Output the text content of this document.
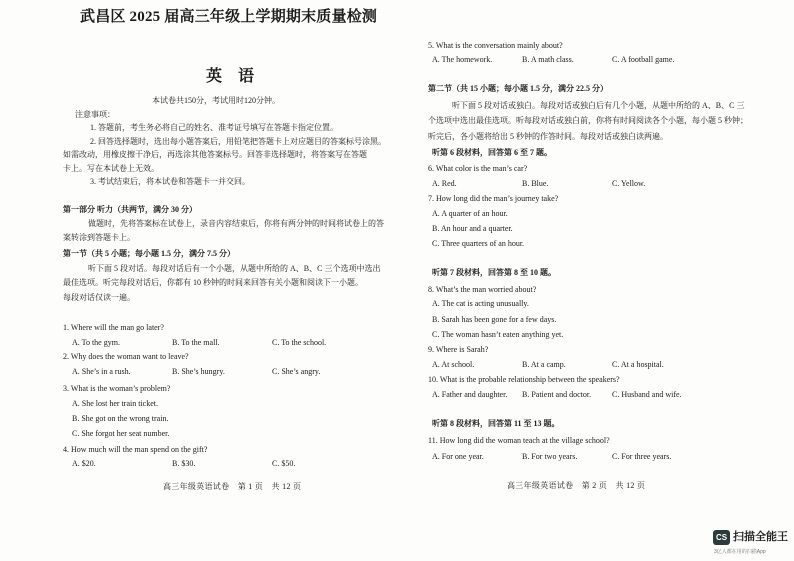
武昌区 2025 届高三年级上学期期末质量检测
英　语
本试卷共150分，考试用时120分钟。
注意事项：
1. 答题前，考生务必将自己的姓名、准考证号填写在答题卡指定位置。
2. 回答选择题时，选出每小题答案后，用铅笔把答题卡上对应题目的答案标号涂黑。
如需改动，用橡皮擦干净后，再选涂其他答案标号。回答非选择题时，将答案写在答题
卡上。写在本试卷上无效。
3. 考试结束后，将本试卷和答题卡一并交回。
第一部分 听力（共两节，满分 30 分）
做题时，先将答案标在试卷上，录音内容结束后，你将有两分钟的时间将试卷上的答
案转涂到答题卡上。
第一节（共 5 小题；每小题 1.5 分，满分 7.5 分）
听下面 5 段对话。每段对话后有一个小题，从题中所给的 A、B、C 三个选项中选出
最佳选项。听完每段对话后，你都有 10 秒钟的时间来回答有关小题和阅读下一小题。
每段对话仅读一遍。
1. Where will the man go later?
A. To the gym.	B. To the mall.	C. To the school.
2. Why does the woman want to leave?
A. She’s in a rush.	B. She’s hungry.	C. She’s angry.
3. What is the woman’s problem?
A. She lost her train ticket.
B. She got on the wrong train.
C. She forgot her seat number.
4. How much will the man spend on the gift?
A. $20.	B. $30.	C. $50.
高三年级英语试卷　第 1 页　共 12 页
5. What is the conversation mainly about?
A. The homework.	B. A math class.	C. A football game.
第二节（共 15 小题；每小题 1.5 分，满分 22.5 分）
听下面 5 段对话或独白。每段对话或独白后有几个小题，从题中所给的 A、B、C 三
个选项中选出最佳选项。听每段对话或独白前，你将有时间阅读各个小题，每小题 5 秒钟；
听完后，各小题将给出 5 秒钟的作答时间。每段对话或独白读两遍。
听第 6 段材料，回答第 6 至 7 题。
6. What color is the man’s car?
A. Red.	B. Blue.	C. Yellow.
7. How long did the man’s journey take?
A. A quarter of an hour.
B. An hour and a quarter.
C. Three quarters of an hour.
听第 7 段材料，回答第 8 至 10 题。
8. What’s the man worried about?
A. The cat is acting unusually.
B. Sarah has been gone for a few days.
C. The woman hasn’t eaten anything yet.
9. Where is Sarah?
A. At school.	B. At a camp.	C. At a hospital.
10. What is the probable relationship between the speakers?
A. Father and daughter. B. Patient and doctor.	C. Husband and wife.
听第 8 段材料，回答第 11 至 13 题。
11. How long did the woman teach at the village school?
A. For one year.	B. For two years.	C. For three years.
高三年级英语试卷　第 2 页　共 12 页
CS 扫描全能王
3亿人都在用的扫描App
